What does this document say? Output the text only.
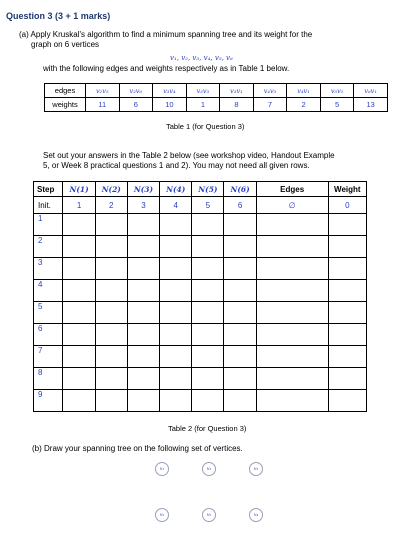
Question 3 (3 + 1 marks)
(a) Apply Kruskal's algorithm to find a minimum spanning tree and its weight for the
graph on 6 vertices
v₁, v₂, v₃, v₄, v₅, v₆
with the following edges and weights respectively as in Table 1 below.
edges	v₂v₅	v₂v₆	v₃v₄	v₃v₅	v₃v₁	v₄v₅	v₄v₁	v₅v₁	v₆v₁
weights	11	6	10	1	8	7	2	5	13
Table 1 (for Question 3)
Set out your answers in the Table 2 below (see workshop video, Handout Example
5, or Week 8 practical questions 1 and 2). You may not need all given rows.
Step	N(1)	N(2)	N(3)	N(4)	N(5)	N(6)	Edges	Weight
Init.	1	2	3	4	5	6	∅	0
1								
2								
3								
4								
5								
6								
7								
8								
9								
Table 2 (for Question 3)
(b) Draw your spanning tree on the following set of vertices.
v₁	v₂	v₃
v₅	v₅	v₄
